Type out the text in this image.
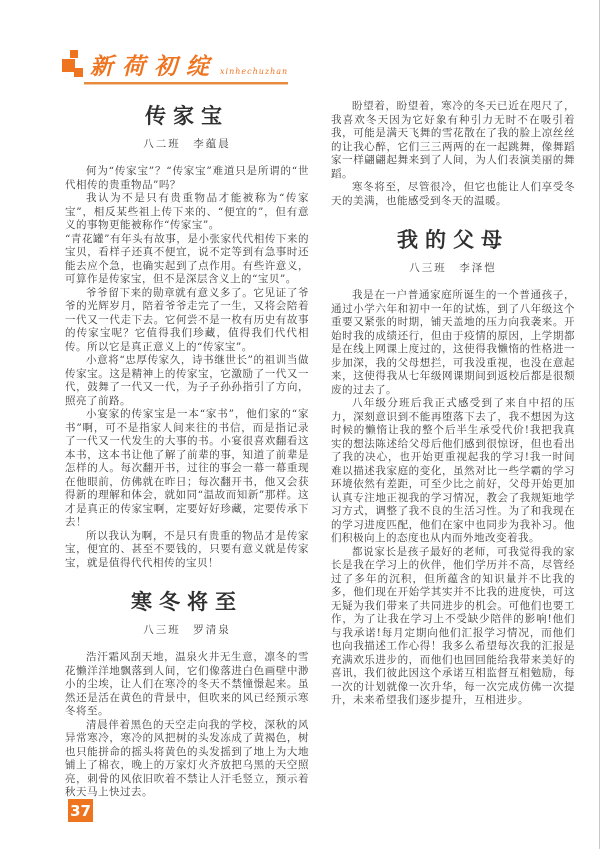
新荷初绽 xinhechuzhan
传家宝
八二班　李蕴晨

何为“传家宝”？“传家宝”难道只是所谓的“世代相传的贵重物品”吗？

我认为不是只有贵重物品才能被称为“传家宝”，相反某些祖上传下来的、“便宜的”，但有意义的事物更能被称作“传家宝”。

“青花罐”有年头有故事，是小张家代代相传下来的宝贝，看样子还真不便宜，说不定等到有急事时还能去应个急，也确实起到了点作用。有些许意义，可算作是传家宝，但不是深层含义上的“宝贝”。

爷爷留下来的勋章就有意义多了。它见证了爷爷的光辉岁月，陪着爷爷走完了一生，又将会陪着一代又一代走下去。它何尝不是一枚有历史有故事的传家宝呢？它值得我们珍藏，值得我们代代相传。所以它是真正意义上的“传家宝”。

小意将“忠厚传家久，诗书继世长”的祖训当做传家宝。这是精神上的传家宝，它激励了一代又一代，鼓舞了一代又一代，为子子孙孙指引了方向，照亮了前路。

小宴家的传家宝是一本“家书”，他们家的“家书”啊，可不是指家人间来往的书信，而是指记录了一代又一代发生的大事的书。小宴很喜欢翻看这本书，这本书让他了解了前辈的事，知道了前辈是怎样的人。每次翻开书，过往的事会一幕一幕重现在他眼前，仿佛就在昨日；每次翻开书，他又会获得新的理解和体会，就如同“温故而知新”那样。这才是真正的传家宝啊，定要好好珍藏，定要传承下去！

所以我认为啊，不是只有贵重的物品才是传家宝，便宜的、甚至不要钱的，只要有意义就是传家宝，就是值得代代相传的宝贝！

寒冬将至
八三班　罗清泉

浩汗霜风刮天地，温泉火井无生意，凛冬的雪花懒洋洋地飘落到人间，它们像落进白色画壁中渺小的尘埃，让人们在寒冷的冬天不禁憧憬起来。虽然还是活在黄色的背景中，但吹来的风已经预示寒冬将至。

清晨伴着黑色的天空走向我的学校，深秋的风异常寒冷，寒冷的风把树的头发冻成了黄褐色，树也只能拼命的摇头将黄色的头发摇到了地上为大地铺上了棉衣，晚上的万家灯火齐放把乌黑的天空照亮，刺骨的风依旧吹着不禁让人汗毛竖立，预示着秋天马上快过去。

盼望着，盼望着，寒冷的冬天已近在咫尺了，我喜欢冬天因为它好象有种引力无时不在吸引着我，可能是满天飞舞的雪花散在了我的脸上凉丝丝的让我心醉，它们三三两两的在一起跳舞，像舞蹈家一样翩翩起舞来到了人间，为人们表演美丽的舞蹈。

寒冬将至，尽管很冷，但它也能让人们享受冬天的美满，也能感受到冬天的温暖。

我的父母
八三班　李泽恺

我是在一户普通家庭所诞生的一个普通孩子，通过小学六年和初中一年的试炼，到了八年级这个重要又紧张的时期，铺天盖地的压力向我袭来。开始时我的成绩还行，但由于疫情的原因，上学期都是在线上网课上度过的，这使得我懒惰的性格进一步加深，我的父母想拦，可我没重视，也没在意起来，这使得我从七年级网课期间到返校后都是很颓废的过去了。

八年级分班后我正式感受到了来自中招的压力，深刻意识到不能再堕落下去了，我不想因为这时候的懒惰让我的整个后半生承受代价!我把我真实的想法陈述给父母后他们感到很惊讶，但也看出了我的决心，也开始更重视起我的学习!我一时间难以描述我家庭的变化，虽然对比一些学霸的学习环境依然有差距，可至少比之前好，父母开始更加认真专注地正视我的学习情况，教会了我规矩地学习方式，调整了我不良的生活习性。为了和我现在的学习进度匹配，他们在家中也同步为我补习。他们积极向上的态度也从内而外地改变着我。

都说家长是孩子最好的老师，可我觉得我的家长是我在学习上的伙伴，他们学历并不高，尽管经过了多年的沉积，但所蕴含的知识量并不比我的多，他们现在开始学其实并不比我的进度快，可这无疑为我们带来了共同进步的机会。可他们也要工作，为了让我在学习上不受缺少陪伴的影响!他们与我承诺!每月定期向他们汇报学习情况，而他们也向我描述工作心得！我多么希望每次我的汇报是充满欢乐进步的，而他们也回回能给我带来美好的喜讯，我们彼此因这个承诺互相监督互相勉励，每一次的计划就像一次升华，每一次完成仿佛一次提升，未来希望我们逐步提升，互相进步。

37
